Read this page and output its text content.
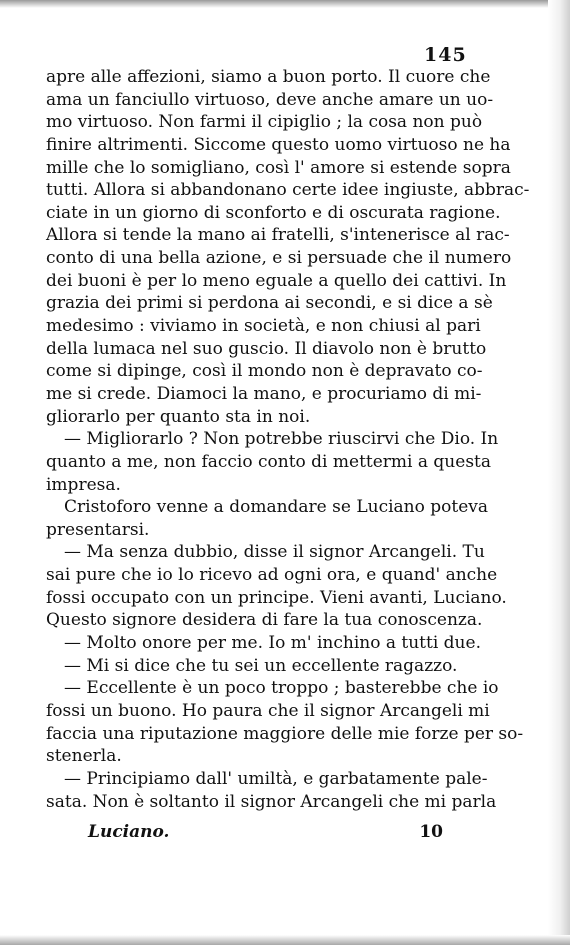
145
apre alle affezioni, siamo a buon porto. Il cuore che
ama un fanciullo virtuoso, deve anche amare un uo-
mo virtuoso. Non farmi il cipiglio ; la cosa non può
finire altrimenti. Siccome questo uomo virtuoso ne ha
mille che lo somigliano, così l' amore si estende sopra
tutti. Allora si abbandonano certe idee ingiuste, abbrac-
ciate in un giorno di sconforto e di oscurata ragione.
Allora si tende la mano ai fratelli, s'intenerisce al rac-
conto di una bella azione, e si persuade che il numero
dei buoni è per lo meno eguale a quello dei cattivi. In
grazia dei primi si perdona ai secondi, e si dice a sè
medesimo : viviamo in società, e non chiusi al pari
della lumaca nel suo guscio. Il diavolo non è brutto
come si dipinge, così il mondo non è depravato co-
me si crede. Diamoci la mano, e procuriamo di mi-
gliorarlo per quanto sta in noi.
— Migliorarlo ? Non potrebbe riuscirvi che Dio. In
quanto a me, non faccio conto di mettermi a questa
impresa.
Cristoforo venne a domandare se Luciano poteva
presentarsi.
— Ma senza dubbio, disse il signor Arcangeli. Tu
sai pure che io lo ricevo ad ogni ora, e quand' anche
fossi occupato con un principe. Vieni avanti, Luciano.
Questo signore desidera di fare la tua conoscenza.
— Molto onore per me. Io m' inchino a tutti due.
— Mi si dice che tu sei un eccellente ragazzo.
— Eccellente è un poco troppo ; basterebbe che io
fossi un buono. Ho paura che il signor Arcangeli mi
faccia una riputazione maggiore delle mie forze per so-
stenerla.
— Principiamo dall' umiltà, e garbatamente pale-
sata. Non è soltanto il signor Arcangeli che mi parla
Luciano.	10
